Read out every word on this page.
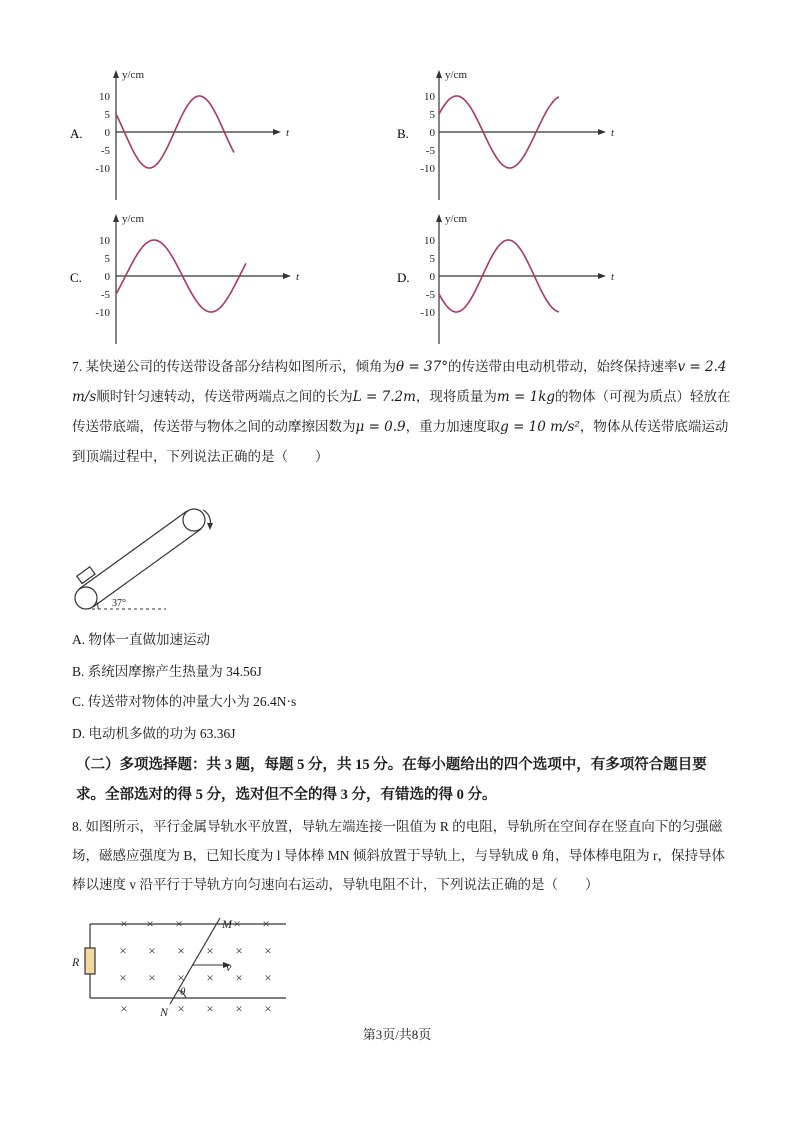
A.
y/cm
t
10
5
0
-5
-10
B.
y/cm
t
10
5
0
-5
-10
C.
y/cm
t
10
5
0
-5
-10
D.
y/cm
t
10
5
0
-5
-10
7. 某快递公司的传送带设备部分结构如图所示，倾角为θ = 37°的传送带由电动机带动，始终保持速率v = 2.4 m/s顺时针匀速转动，传送带两端点之间的长为L = 7.2m，现将质量为m = 1kg的物体（可视为质点）轻放在传送带底端，传送带与物体之间的动摩擦因数为μ = 0.9，重力加速度取g = 10 m/s²，物体从传送带底端运动到顶端过程中，下列说法正确的是（　　）
37°
A. 物体一直做加速运动
B. 系统因摩擦产生热量为 34.56J
C. 传送带对物体的冲量大小为 26.4N·s
D. 电动机多做的功为 63.36J
（二）多项选择题：共 3 题，每题 5 分，共 15 分。在每小题给出的四个选项中，有多项符合题目要求。全部选对的得 5 分，选对但不全的得 3 分，有错选的得 0 分。
8. 如图所示，平行金属导轨水平放置，导轨左端连接一阻值为 R 的电阻，导轨所在空间存在竖直向下的匀强磁场，磁感应强度为 B，已知长度为 l 导体棒 MN 倾斜放置于导轨上，与导轨成 θ 角，导体棒电阻为 r，保持导体棒以速度 v 沿平行于导轨方向匀速向右运动，导轨电阻不计，下列说法正确的是（　　）
R
× ×	× ×
× × × × × ×
× × × × × ×
× × × ×
×
×
M
N
v
θ
第3页/共8页
